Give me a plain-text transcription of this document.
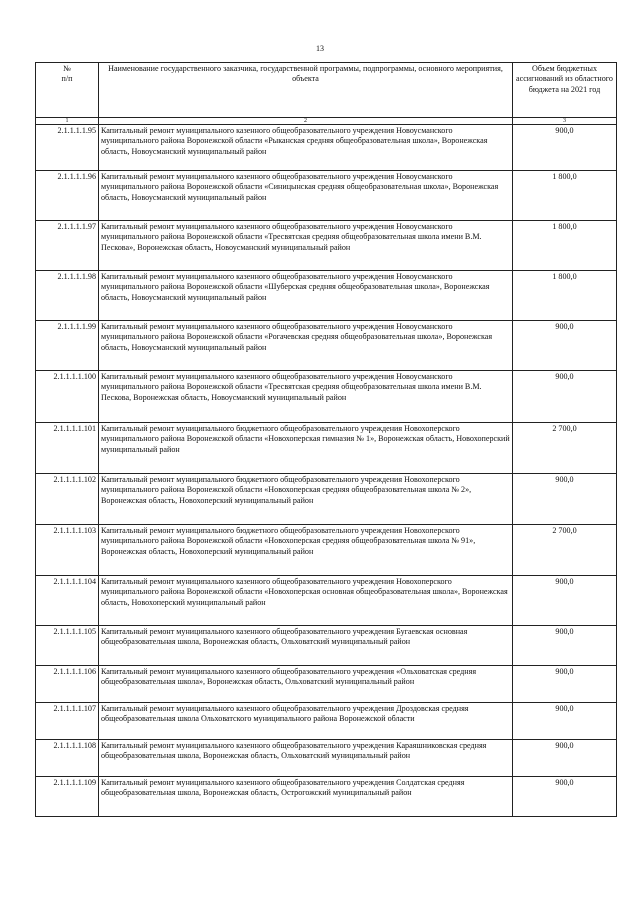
13
№
п/п	Наименование государственного заказчика, государственной программы, подпрограммы, основного мероприятия, объекта	Объем бюджетных ассигнований из областного бюджета на 2021 год
1	2	3
2.1.1.1.1.95	Капитальный ремонт муниципального казенного общеобразовательного учреждения Новоусманского муниципального района Воронежской области «Рыканская средняя общеобразовательная школа», Воронежская область, Новоусманский муниципальный район	900,0
2.1.1.1.1.96	Капитальный ремонт муниципального казенного общеобразовательного учреждения Новоусманского муниципального района Воронежской области «Синицынская средняя общеобразовательная школа», Воронежская область, Новоусманский муниципальный район	1 800,0
2.1.1.1.1.97	Капитальный ремонт муниципального казенного общеобразовательного учреждения Новоусманского муниципального района Воронежской области «Тресвятская средняя общеобразовательная школа имени В.М. Пескова», Воронежская область, Новоусманский муниципальный район	1 800,0
2.1.1.1.1.98	Капитальный ремонт муниципального казенного общеобразовательного учреждения Новоусманского муниципального района Воронежской области «Шуберская средняя общеобразовательная школа», Воронежская область, Новоусманский муниципальный район	1 800,0
2.1.1.1.1.99	Капитальный ремонт муниципального казенного общеобразовательного учреждения Новоусманского муниципального района Воронежской области «Рогачевская средняя общеобразовательная школа», Воронежская область, Новоусманский муниципальный район	900,0
2.1.1.1.1.100	Капитальный ремонт муниципального казенного общеобразовательного учреждения Новоусманского муниципального района Воронежской области «Тресвятская средняя общеобразовательная школа имени В.М. Пескова, Воронежская область, Новоусманский муниципальный район	900,0
2.1.1.1.1.101	Капитальный ремонт муниципального бюджетного общеобразовательного учреждения Новохоперского муниципального района Воронежской области «Новохоперская гимназия № 1», Воронежская область, Новохоперский муниципальный район	2 700,0
2.1.1.1.1.102	Капитальный ремонт муниципального бюджетного общеобразовательного учреждения Новохоперского муниципального района Воронежской области «Новохоперская средняя общеобразовательная школа № 2», Воронежская область, Новохоперский муниципальный район	900,0
2.1.1.1.1.103	Капитальный ремонт муниципального бюджетного общеобразовательного учреждения Новохоперского муниципального района Воронежской области «Новохоперская средняя общеобразовательная школа № 91», Воронежская область, Новохоперский муниципальный район	2 700,0
2.1.1.1.1.104	Капитальный ремонт муниципального казенного общеобразовательного учреждения Новохоперского муниципального района Воронежской области «Новохоперская основная общеобразовательная школа», Воронежская область, Новохоперский муниципальный район	900,0
2.1.1.1.1.105	Капитальный ремонт муниципального казенного общеобразовательного учреждения Бугаевская основная общеобразовательная школа, Воронежская область, Ольховатский муниципальный район	900,0
2.1.1.1.1.106	Капитальный ремонт муниципального казенного общеобразовательного учреждения «Ольховатская средняя общеобразовательная школа», Воронежская область, Ольховатский муниципальный район	900,0
2.1.1.1.1.107	Капитальный ремонт муниципального казенного общеобразовательного учреждения Дроздовская средняя общеобразовательная школа Ольховатского муниципального района Воронежской области	900,0
2.1.1.1.1.108	Капитальный ремонт муниципального казенного общеобразовательного учреждения Караяшниковская средняя общеобразовательная школа, Воронежская область, Ольховатский муниципальный район	900,0
2.1.1.1.1.109	Капитальный ремонт муниципального казенного общеобразовательного учреждения Солдатская средняя общеобразовательная школа, Воронежская область, Острогожский муниципальный район	900,0
